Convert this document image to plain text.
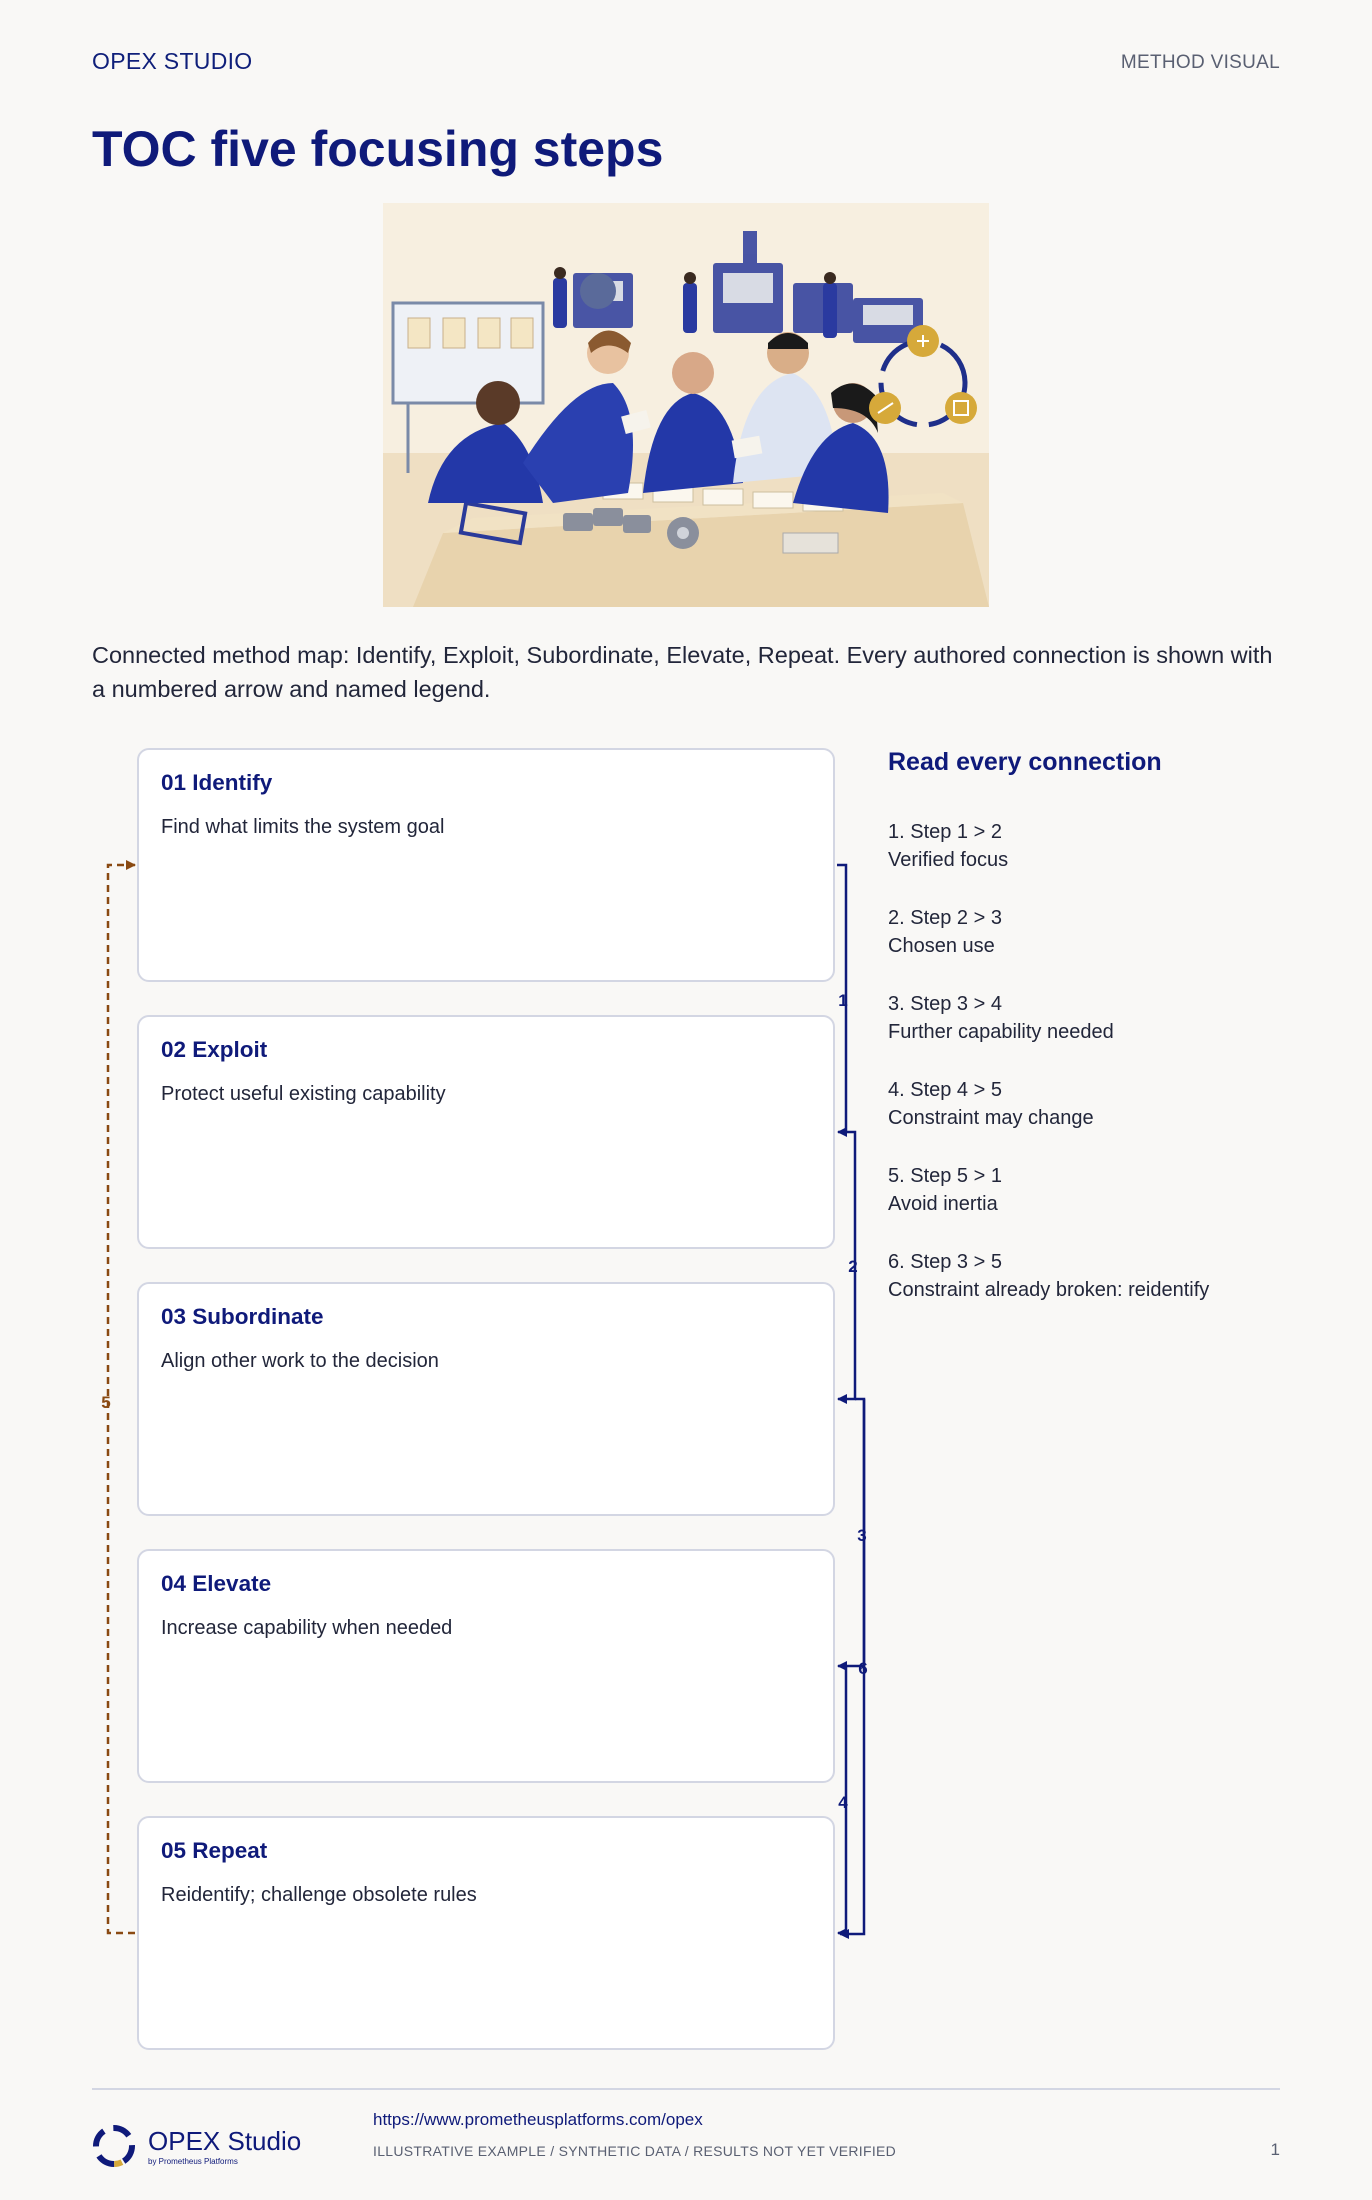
OPEX STUDIO	METHOD VISUAL
TOC five focusing steps
Connected method map: Identify, Exploit, Subordinate, Elevate, Repeat. Every authored connection is shown with a numbered arrow and named legend.
01 Identify
Find what limits the system goal
02 Exploit
Protect useful existing capability
03 Subordinate
Align other work to the decision
04 Elevate
Increase capability when needed
05 Repeat
Reidentify; challenge obsolete rules
1
2
3
4
6
5
Read every connection
1. Step 1 > 2
Verified focus
2. Step 2 > 3
Chosen use
3. Step 3 > 4
Further capability needed
4. Step 4 > 5
Constraint may change
5. Step 5 > 1
Avoid inertia
6. Step 3 > 5
Constraint already broken: reidentify
OPEX Studio
by Prometheus Platforms
https://www.prometheusplatforms.com/opex
ILLUSTRATIVE EXAMPLE / SYNTHETIC DATA / RESULTS NOT YET VERIFIED	1
